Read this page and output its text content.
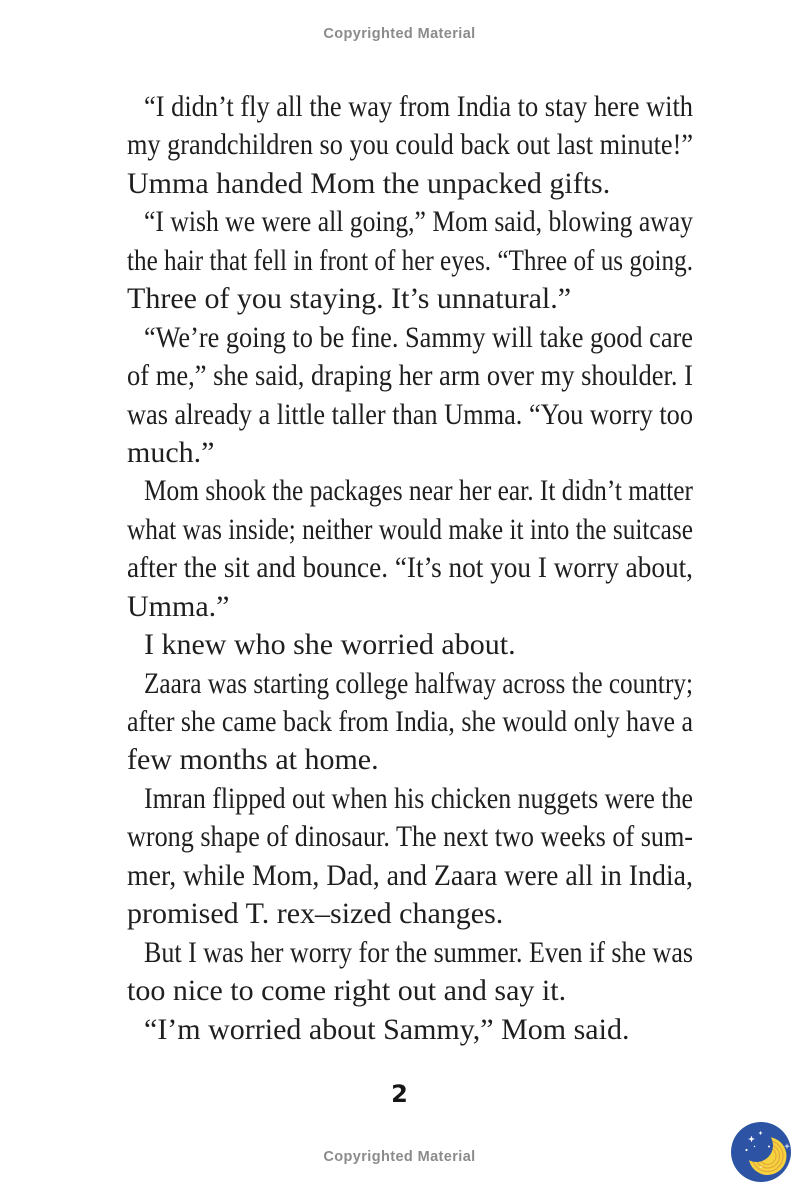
Copyrighted Material
“I didn’t fly all the way from India to stay here with
my grandchildren so you could back out last minute!”
Umma handed Mom the unpacked gifts.
“I wish we were all going,” Mom said, blowing away
the hair that fell in front of her eyes. “Three of us going.
Three of you staying. It’s unnatural.”
“We’re going to be fine. Sammy will take good care
of me,” she said, draping her arm over my shoulder. I
was already a little taller than Umma. “You worry too
much.”
Mom shook the packages near her ear. It didn’t matter
what was inside; neither would make it into the suitcase
after the sit and bounce. “It’s not you I worry about,
Umma.”
I knew who she worried about.
Zaara was starting college halfway across the country;
after she came back from India, she would only have a
few months at home.
Imran flipped out when his chicken nuggets were the
wrong shape of dinosaur. The next two weeks of sum-
mer, while Mom, Dad, and Zaara were all in India,
promised T. rex–sized changes.
But I was her worry for the summer. Even if she was
too nice to come right out and say it.
“I’m worried about Sammy,” Mom said.
2
Copyrighted Material
